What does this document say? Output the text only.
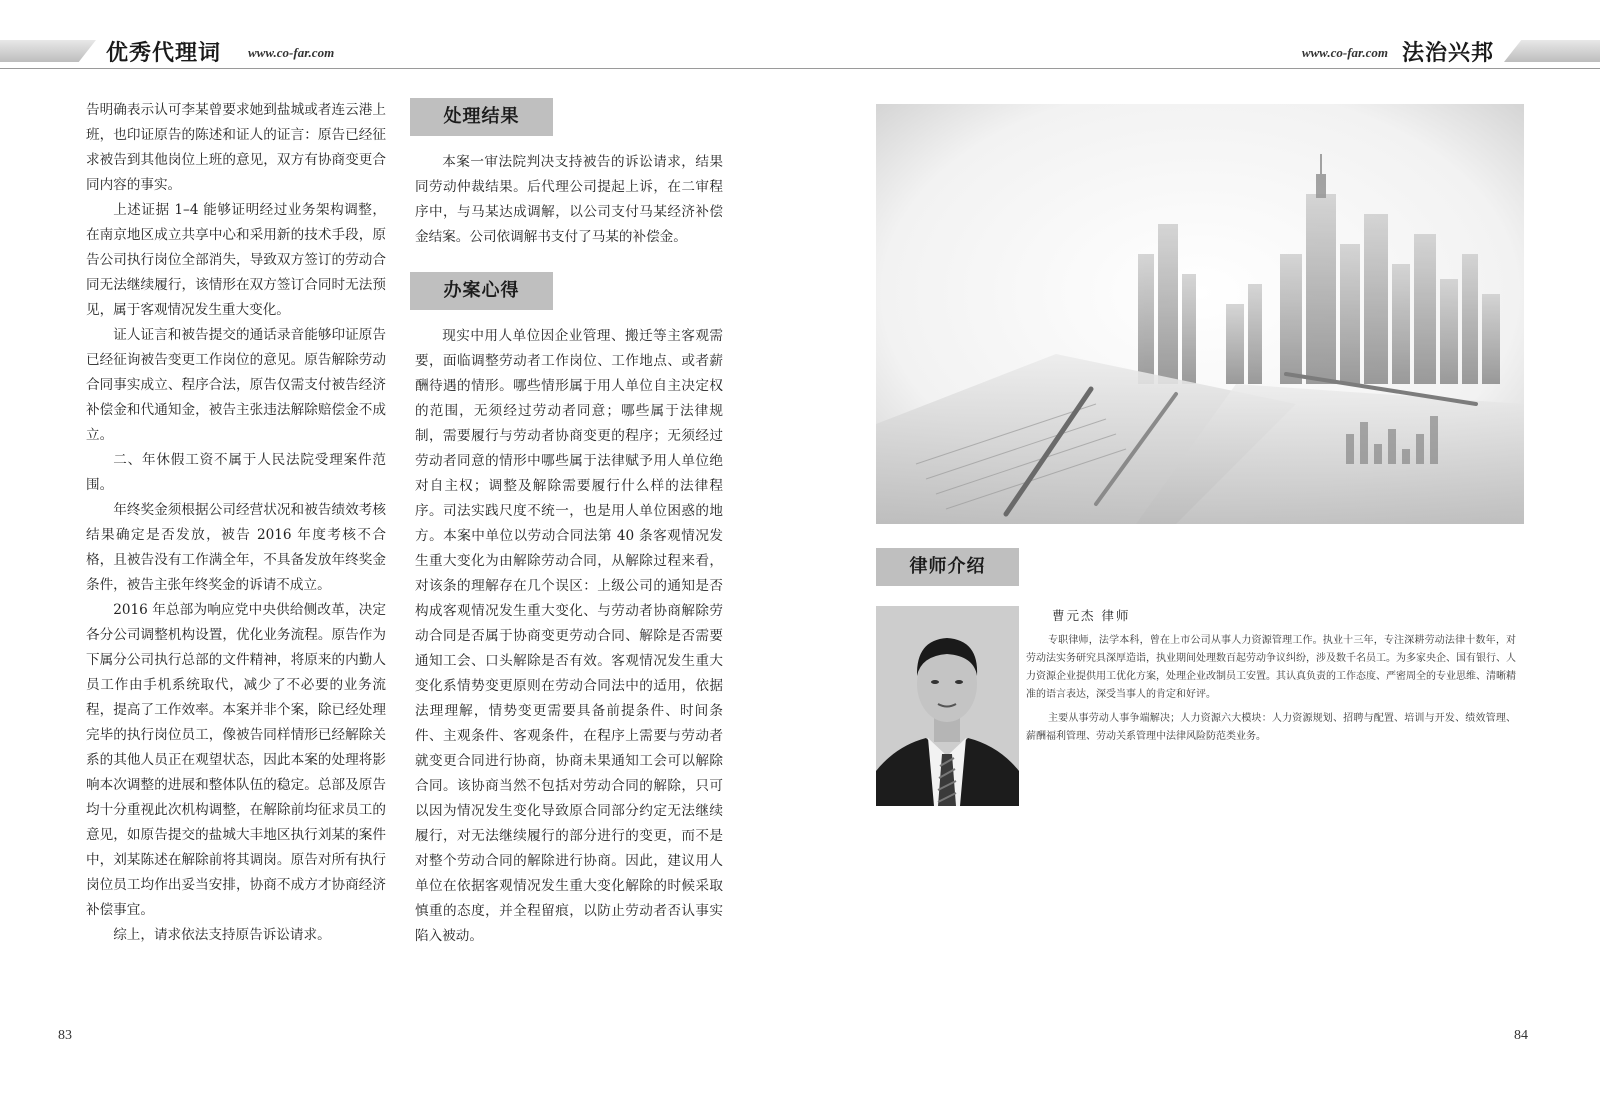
优秀代理词 www.co-far.com	www.co-far.com 法治兴邦

告明确表示认可李某曾要求她到盐城或者连云港上班，也印证原告的陈述和证人的证言：原告已经征求被告到其他岗位上班的意见，双方有协商变更合同内容的事实。

上述证据 1–4 能够证明经过业务架构调整，在南京地区成立共享中心和采用新的技术手段，原告公司执行岗位全部消失，导致双方签订的劳动合同无法继续履行，该情形在双方签订合同时无法预见，属于客观情况发生重大变化。

证人证言和被告提交的通话录音能够印证原告已经征询被告变更工作岗位的意见。原告解除劳动合同事实成立、程序合法，原告仅需支付被告经济补偿金和代通知金，被告主张违法解除赔偿金不成立。

二、年休假工资不属于人民法院受理案件范围。

年终奖金须根据公司经营状况和被告绩效考核结果确定是否发放，被告 2016 年度考核不合格，且被告没有工作满全年，不具备发放年终奖金条件，被告主张年终奖金的诉请不成立。

2016 年总部为响应党中央供给侧改革，决定各分公司调整机构设置，优化业务流程。原告作为下属分公司执行总部的文件精神，将原来的内勤人员工作由手机系统取代，减少了不必要的业务流程，提高了工作效率。本案并非个案，除已经处理完毕的执行岗位员工，像被告同样情形已经解除关系的其他人员正在观望状态，因此本案的处理将影响本次调整的进展和整体队伍的稳定。总部及原告均十分重视此次机构调整，在解除前均征求员工的意见，如原告提交的盐城大丰地区执行刘某的案件中，刘某陈述在解除前将其调岗。原告对所有执行岗位员工均作出妥当安排，协商不成方才协商经济补偿事宜。

综上，请求依法支持原告诉讼请求。

处理结果

本案一审法院判决支持被告的诉讼请求，结果同劳动仲裁结果。后代理公司提起上诉，在二审程序中，与马某达成调解，以公司支付马某经济补偿金结案。公司依调解书支付了马某的补偿金。

办案心得

现实中用人单位因企业管理、搬迁等主客观需要，面临调整劳动者工作岗位、工作地点、或者薪酬待遇的情形。哪些情形属于用人单位自主决定权的范围，无须经过劳动者同意；哪些属于法律规制，需要履行与劳动者协商变更的程序；无须经过劳动者同意的情形中哪些属于法律赋予用人单位绝对自主权；调整及解除需要履行什么样的法律程序。司法实践尺度不统一，也是用人单位困惑的地方。本案中单位以劳动合同法第 40 条客观情况发生重大变化为由解除劳动合同，从解除过程来看，对该条的理解存在几个误区：上级公司的通知是否构成客观情况发生重大变化、与劳动者协商解除劳动合同是否属于协商变更劳动合同、解除是否需要通知工会、口头解除是否有效。客观情况发生重大变化系情势变更原则在劳动合同法中的适用，依据法理理解，情势变更需要具备前提条件、时间条件、主观条件、客观条件，在程序上需要与劳动者就变更合同进行协商，协商未果通知工会可以解除合同。该协商当然不包括对劳动合同的解除，只可以因为情况发生变化导致原合同部分约定无法继续履行，对无法继续履行的部分进行的变更，而不是对整个劳动合同的解除进行协商。因此，建议用人单位在依据客观情况发生重大变化解除的时候采取慎重的态度，并全程留痕，以防止劳动者否认事实陷入被动。

律师介绍
曹元杰 律师

专职律师，法学本科，曾在上市公司从事人力资源管理工作。执业十三年，专注深耕劳动法律十数年，对劳动法实务研究具深厚造诣，执业期间处理数百起劳动争议纠纷，涉及数千名员工。为多家央企、国有银行、人力资源企业提供用工优化方案，处理企业改制员工安置。其认真负责的工作态度、严密周全的专业思维、清晰精准的语言表达，深受当事人的肯定和好评。

主要从事劳动人事争端解决；人力资源六大模块：人力资源规划、招聘与配置、培训与开发、绩效管理、薪酬福利管理、劳动关系管理中法律风险防范类业务。

83	84
